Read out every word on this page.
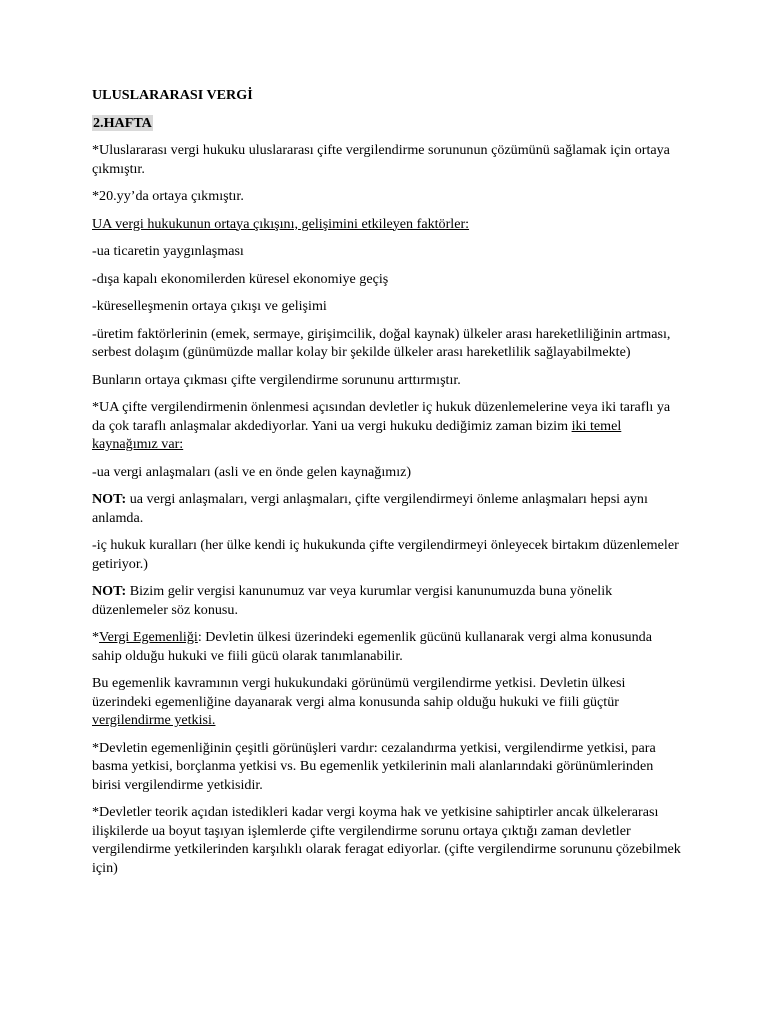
ULUSLARARASI VERGİ

2.HAFTA

*Uluslararası vergi hukuku uluslararası çifte vergilendirme sorununun çözümünü sağlamak için ortaya çıkmıştır.

*20.yy’da ortaya çıkmıştır.

UA vergi hukukunun ortaya çıkışını, gelişimini etkileyen faktörler:

-ua ticaretin yaygınlaşması

-dışa kapalı ekonomilerden küresel ekonomiye geçiş

-küreselleşmenin ortaya çıkışı ve gelişimi

-üretim faktörlerinin (emek, sermaye, girişimcilik, doğal kaynak) ülkeler arası hareketliliğinin artması, serbest dolaşım (günümüzde mallar kolay bir şekilde ülkeler arası hareketlilik sağlayabilmekte)

Bunların ortaya çıkması çifte vergilendirme sorununu arttırmıştır.

*UA çifte vergilendirmenin önlenmesi açısından devletler iç hukuk düzenlemelerine veya iki taraflı ya da çok taraflı anlaşmalar akdediyorlar. Yani ua vergi hukuku dediğimiz zaman bizim iki temel kaynağımız var:

-ua vergi anlaşmaları (asli ve en önde gelen kaynağımız)

NOT: ua vergi anlaşmaları, vergi anlaşmaları, çifte vergilendirmeyi önleme anlaşmaları hepsi aynı anlamda.

-iç hukuk kuralları (her ülke kendi iç hukukunda çifte vergilendirmeyi önleyecek birtakım düzenlemeler getiriyor.)

NOT: Bizim gelir vergisi kanunumuz var veya kurumlar vergisi kanunumuzda buna yönelik düzenlemeler söz konusu.

*Vergi Egemenliği: Devletin ülkesi üzerindeki egemenlik gücünü kullanarak vergi alma konusunda sahip olduğu hukuki ve fiili gücü olarak tanımlanabilir.

Bu egemenlik kavramının vergi hukukundaki görünümü vergilendirme yetkisi. Devletin ülkesi üzerindeki egemenliğine dayanarak vergi alma konusunda sahip olduğu hukuki ve fiili güçtür vergilendirme yetkisi.

*Devletin egemenliğinin çeşitli görünüşleri vardır: cezalandırma yetkisi, vergilendirme yetkisi, para basma yetkisi, borçlanma yetkisi vs. Bu egemenlik yetkilerinin mali alanlarındaki görünümlerinden birisi vergilendirme yetkisidir.

*Devletler teorik açıdan istedikleri kadar vergi koyma hak ve yetkisine sahiptirler ancak ülkelerarası ilişkilerde ua boyut taşıyan işlemlerde çifte vergilendirme sorunu ortaya çıktığı zaman devletler vergilendirme yetkilerinden karşılıklı olarak feragat ediyorlar. (çifte vergilendirme sorununu çözebilmek için)
